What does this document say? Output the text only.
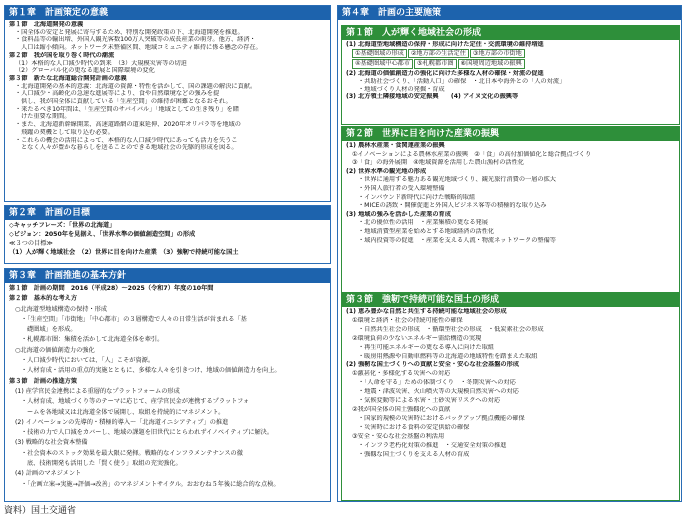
第１章　計画策定の意義
第１節　北海道開発の意義
・国全体の安定と発展に寄与するため、特別な開発政策の下、北海道開発を推進。
・食料品等の輸出増、外国人観光客数100万人突破等の成長産業の萌芽。他方、経済・
人口は縮小傾向。ネットワーク未整備区間、地域コミュニティ維持に係る懸念の存在。
第２節　我が国を取り巻く時代の潮流
（1）本格的な人口減少時代の到来　（3）大規模災害等の切迫
（2）グローバル化の更なる進展と国際環境の変化
第３節　新たな北海道総合開発計画の意義
・北海道開発の基本的意義：北海道の資源・特性を活かして、国の課題の解決に貢献。
・人口減少・高齢化の急速な進展等により、食や自然環境などの強みを提
供し、我が国全体に貢献している「生産空間」の維持が困難となるおそれ。
・来たるべき10年間は、「生産空間のサバイバル」「地域としての生き残り」を賭
けた重要な期間。
・また、北海道新幹線開業、高速道路網の道東延伸、2020年オリパラ等を地域の
飛躍の契機として取り込む必要。
・これらの機会の活用によって、本格的な人口減少時代にあっても活力を失うこ
となく人々が豊かな暮らしを送ることのできる地域社会の先駆的形成を図る。
第２章　計画の目標
◇キャッチフレーズ：「世界の北海道」
◇ビジョン：2050年を見据え、「世界水準の価値創造空間」の形成
≪３つの目標≫
（1）人が輝く地域社会　（2）世界に目を向けた産業　（3）強靭で持続可能な国土
第３章　計画推進の基本方針
第１節　計画の期間　2016（平成28）～2025（令和7）年度の10年間
第２節　基本的な考え方
○北海道型地域構造の保持・形成
・「生産空間」「市街地」「中心都市」の３層構造で人々の日常生活が営まれる「基
礎圏域」を形成。
・札幌都市圏：集積を活かして北海道全体を牽引。
○北海道の価値創造力の強化
・人口減少時代においては、「人」こそが資源。
・人材育成・活用の重点的実施とともに、多様な人々を引きつけ、地域の価値創造力を向上。
第３節　計画の推進方策
(1) 産学官民金連携による重層的なプラットフォームの形成
・人材育成、地域づくり等のテーマに応じて、産学官民金が連携するプラットフォ
ームを各地域又は北海道全体で展開し、取組を持続的にマネジメント。
(2) イノベーションの先導的・積極的導入〜「北海道イニシアティブ」の推進
・技術の力で人口減をカバーし、地域の課題を旧世代にとらわれずイノベイティブに解決。
(3) 戦略的な社会資本整備
・社会資本のストック効果を最大限に発揮。戦略的なインフラメンテナンスの徹
底、技術開発も活用した「賢く使う」取組の充実強化。
(4) 計画のマネジメント
・「企画立案→実施→評価→改善」のマネジメントサイクル。おおむね５年後に総合的な点検。
第４章　計画の主要施策
第１節　人が輝く地域社会の形成
(1) 北海道型地域構造の保持・形成に向けた定住・交流環境の維持増進
①基礎圏域の形成 ②地方部の生活定住 ③地方部の市街地
④基礎圏域中心都市 ⑤札幌都市圏 ⑥国境周辺地域の振興
(2) 北海道の価値創造力の強化に向けた多様な人材の確保・対流の促進
・共助社会づくり、「活動人口」の確保　・北日本や海外との「人の対流」
・地域づくり人材の発掘・育成
(3) 北方領土隣接地域の安定振興　　(4) アイヌ文化の振興等
第２節　世界に目を向けた産業の振興
(1) 農林水産業・食関連産業の振興
①イノベーションによる農林水産業の振興　②「食」の高付加価値化と総合拠点づくり
③「食」の海外展開　④地域資源を活用した農山漁村の活性化
(2) 世界水準の観光地の形成
・世界に通用する魅力ある観光地域づくり、観光旅行消費の一層の拡大
・外国人旅行者の受入環境整備
・インバウンド新時代に向けた戦略的取組
・MICEの誘致・開催促進と外国人ビジネス客等の積極的な取り込み
(3) 地域の強みを活かした産業の育成
・北の優位性の活用　・産業集積の更なる発展
・地域消費型産業を始めとする地域経済の活性化
・域内投資等の促進　・産業を支える人流・物流ネットワークの整備等
第３節　強靭で持続可能な国土の形成
(1) 恵み豊かな自然と共生する持続可能な地域社会の形成
①環境と経済・社会の持続可能性の確保
・自然共生社会の形成　・循環型社会の形成　・低炭素社会の形成
②環境負荷の少ないエネルギー需給構造の実現
・再生可能エネルギーの更なる導入に向けた取組
・暖房用熱源や自動車燃料等の北海道の地域特性を踏まえた取組
(2) 強靭な国土づくりへの貢献と安全・安心な社会基盤の形成
①激甚化・多様化する災害への対応
・「人命を守る」ための体制づくり　・冬期災害への対応
・地震・津波災害、火山噴火等の大規模自然災害への対応
・気候変動等による水害・土砂災害リスクへの対応
②我が国全体の国土強靱化への貢献
・国家的規模の災害時におけるバックアップ拠点機能の確保
・災害時における食料の安定供給の確保
③安全・安心な社会基盤の利活用
・インフラ老朽化対策の推進　・交通安全対策の推進
・強靱な国土づくりを支える人材の育成
資料）国土交通省
